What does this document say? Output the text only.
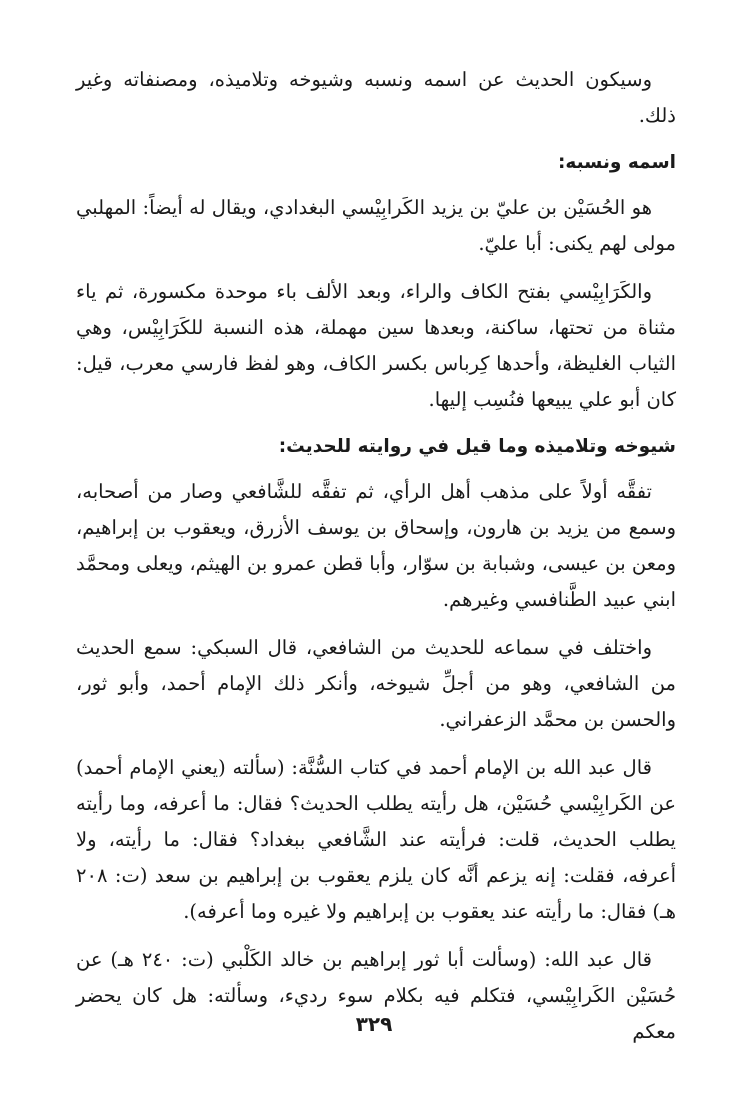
وسيكون الحديث عن اسمه ونسبه وشيوخه وتلاميذه، ومصنفاته وغير ذلك.

اسمه ونسبه:

هو الحُسَيْن بن عليّ بن يزيد الكَرابِيْسي البغدادي، ويقال له أيضاً: المهلبي مولى لهم يكنى: أبا عليّ.

والكَرَابِيْسي بفتح الكاف والراء، وبعد الألف باء موحدة مكسورة، ثم ياء مثناة من تحتها، ساكنة، وبعدها سين مهملة، هذه النسبة للكَرَابِيْس، وهي الثياب الغليظة، وأحدها كِرباس بكسر الكاف، وهو لفظ فارسي معرب، قيل: كان أبو علي يبيعها فنُسِب إليها.

شيوخه وتلاميذه وما قيل في روايته للحديث:

تفقَّه أولاً على مذهب أهل الرأي، ثم تفقَّه للشَّافعي وصار من أصحابه، وسمع من يزيد بن هارون، وإسحاق بن يوسف الأزرق، ويعقوب بن إبراهيم، ومعن بن عيسى، وشبابة بن سوّار، وأبا قطن عمرو بن الهيثم، ويعلى ومحمَّد ابني عبيد الطَّنافسي وغيرهم.

واختلف في سماعه للحديث من الشافعي، قال السبكي: سمع الحديث من الشافعي، وهو من أجلِّ شيوخه، وأنكر ذلك الإمام أحمد، وأبو ثور، والحسن بن محمَّد الزعفراني.

قال عبد الله بن الإمام أحمد في كتاب السُّنَّة: (سألته (يعني الإمام أحمد) عن الكَرابِيْسي حُسَيْن، هل رأيته يطلب الحديث؟ فقال: ما أعرفه، وما رأيته يطلب الحديث، قلت: فرأيته عند الشَّافعي ببغداد؟ فقال: ما رأيته، ولا أعرفه، فقلت: إنه يزعم أنَّه كان يلزم يعقوب بن إبراهيم بن سعد (ت: ٢٠٨ هـ) فقال: ما رأيته عند يعقوب بن إبراهيم ولا غيره وما أعرفه).

قال عبد الله: (وسألت أبا ثور إبراهيم بن خالد الكَلْبي (ت: ٢٤٠ هـ) عن حُسَيْن الكَرابِيْسي، فتكلم فيه بكلام سوء رديء، وسألته: هل كان يحضر معكم

٣٢٩
